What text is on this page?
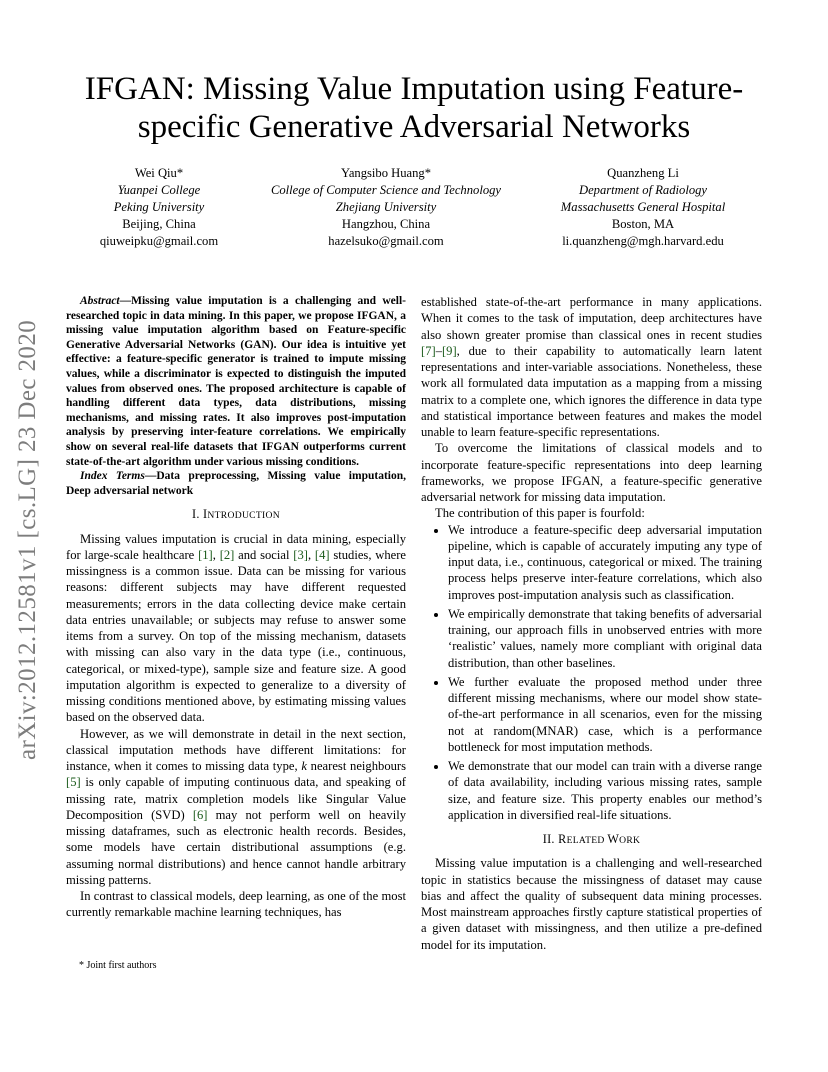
IFGAN: Missing Value Imputation using Feature-specific Generative Adversarial Networks
Wei Qiu*
Yuanpei College
Peking University
Beijing, China
qiuweipku@gmail.com
Yangsibo Huang*
College of Computer Science and Technology
Zhejiang University
Hangzhou, China
hazelsuko@gmail.com
Quanzheng Li
Department of Radiology
Massachusetts General Hospital
Boston, MA
li.quanzheng@mgh.harvard.edu
arXiv:2012.12581v1 [cs.LG] 23 Dec 2020

Abstract—Missing value imputation is a challenging and well-researched topic in data mining. In this paper, we propose IFGAN, a missing value imputation algorithm based on Feature-specific Generative Adversarial Networks (GAN). Our idea is intuitive yet effective: a feature-specific generator is trained to impute missing values, while a discriminator is expected to distinguish the imputed values from observed ones. The proposed architecture is capable of handling different data types, data distributions, missing mechanisms, and missing rates. It also improves post-imputation analysis by preserving inter-feature correlations. We empirically show on several real-life datasets that IFGAN outperforms current state-of-the-art algorithm under various missing conditions.

Index Terms—Data preprocessing, Missing value imputation, Deep adversarial network

I. INTRODUCTION

Missing values imputation is crucial in data mining, especially for large-scale healthcare [1], [2] and social [3], [4] studies, where missingness is a common issue. Data can be missing for various reasons: different subjects may have different requested measurements; errors in the data collecting device make certain data entries unavailable; or subjects may refuse to answer some items from a survey. On top of the missing mechanism, datasets with missing can also vary in the data type (i.e., continuous, categorical, or mixed-type), sample size and feature size. A good imputation algorithm is expected to generalize to a diversity of missing conditions mentioned above, by estimating missing values based on the observed data.

However, as we will demonstrate in detail in the next section, classical imputation methods have different limitations: for instance, when it comes to missing data type, k nearest neighbours [5] is only capable of imputing continuous data, and speaking of missing rate, matrix completion models like Singular Value Decomposition (SVD) [6] may not perform well on heavily missing dataframes, such as electronic health records. Besides, some models have certain distributional assumptions (e.g. assuming normal distributions) and hence cannot handle arbitrary missing patterns.

In contrast to classical models, deep learning, as one of the most currently remarkable machine learning techniques, has

* Joint first authors

established state-of-the-art performance in many applications. When it comes to the task of imputation, deep architectures have also shown greater promise than classical ones in recent studies [7]–[9], due to their capability to automatically learn latent representations and inter-variable associations. Nonetheless, these work all formulated data imputation as a mapping from a missing matrix to a complete one, which ignores the difference in data type and statistical importance between features and makes the model unable to learn feature-specific representations.

To overcome the limitations of classical models and to incorporate feature-specific representations into deep learning frameworks, we propose IFGAN, a feature-specific generative adversarial network for missing data imputation.

The contribution of this paper is fourfold:

• We introduce a feature-specific deep adversarial imputation pipeline, which is capable of accurately imputing any type of input data, i.e., continuous, categorical or mixed. The training process helps preserve inter-feature correlations, which also improves post-imputation analysis such as classification.
• We empirically demonstrate that taking benefits of adversarial training, our approach fills in unobserved entries with more ‘realistic’ values, namely more compliant with original data distribution, than other baselines.
• We further evaluate the proposed method under three different missing mechanisms, where our model show state-of-the-art performance in all scenarios, even for the missing not at random(MNAR) case, which is a performance bottleneck for most imputation methods.
• We demonstrate that our model can train with a diverse range of data availability, including various missing rates, sample size, and feature size. This property enables our method’s application in diversified real-life situations.
II. RELATED WORK

Missing value imputation is a challenging and well-researched topic in statistics because the missingness of dataset may cause bias and affect the quality of subsequent data mining processes. Most mainstream approaches firstly capture statistical properties of a given dataset with missingness, and then utilize a pre-defined model for its imputation.
